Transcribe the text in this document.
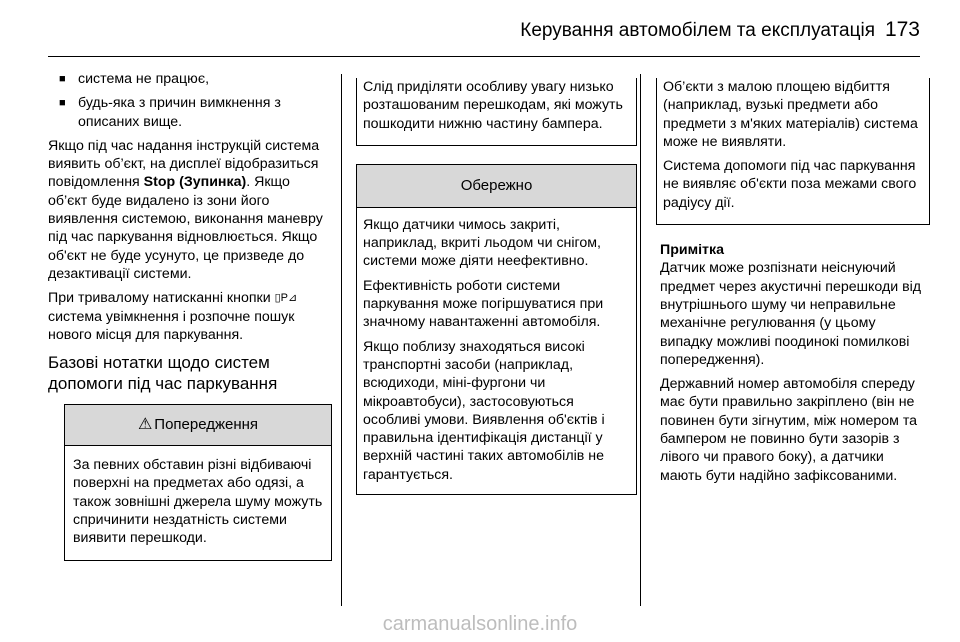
Керування автомобілем та експлуатація 173
■ система не працює,
■ будь-яка з причин вимкнення з описаних вище.

Якщо під час надання інструкцій система виявить об’єкт, на дисплеї відобразиться повідомлення Stop (Зупинка). Якщо об’єкт буде видалено із зони його виявлення системою, виконання маневру під час паркування відновлюється. Якщо об'єкт не буде усунуто, це призведе до дезактивації системи.

При тривалому натисканні кнопки ▯P⊿ система увімкнення і розпочне пошук нового місця для паркування.

Базові нотатки щодо систем допомоги під час паркування
⚠ Попередження

За певних обставин різні відбиваючі поверхні на предметах або одязі, а також зовнішні джерела шуму можуть спричинити нездатність системи виявити перешкоди.

Слід приділяти особливу увагу низько розташованим перешкодам, які можуть пошкодити нижню частину бампера.

Обережно

Якщо датчики чимось закриті, наприклад, вкриті льодом чи снігом, системи може діяти неефективно.

Ефективність роботи системи паркування може погіршуватися при значному навантаженні автомобіля.

Якщо поблизу знаходяться високі транспортні засоби (наприклад, всюдиходи, міні-фургони чи мікроавтобуси), застосовуються особливі умови. Виявлення об'єктів і правильна ідентифікація дистанції у верхній частині таких автомобілів не гарантується.

Об’єкти з малою площею відбиття (наприклад, вузькі предмети або предмети з м'яких матеріалів) система може не виявляти.

Система допомоги під час паркування не виявляє об'єкти поза межами свого радіусу дії.

Примітка

Датчик може розпізнати неіснуючий предмет через акустичні перешкоди від внутрішнього шуму чи неправильне механічне регулювання (у цьому випадку можливі поодинокі помилкові попередження).

Державний номер автомобіля спереду має бути правильно закріплено (він не повинен бути зігнутим, між номером та бампером не повинно бути зазорів з лівого чи правого боку), а датчики мають бути надійно зафіксованими.

carmanualsonline.info
